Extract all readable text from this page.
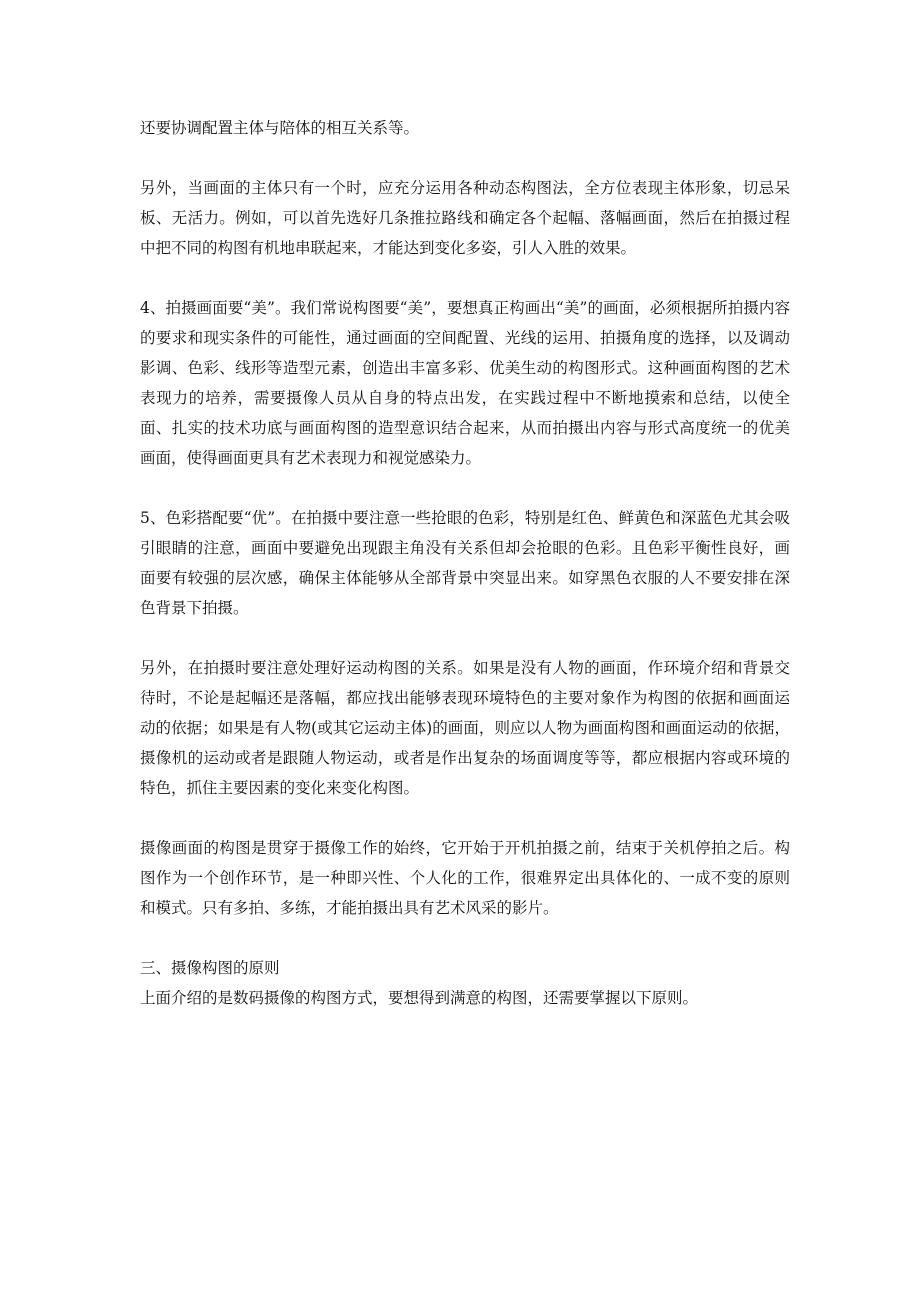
还要协调配置主体与陪体的相互关系等。

另外，当画面的主体只有一个时，应充分运用各种动态构图法，全方位表现主体形象，切忌呆板、无活力。例如，可以首先选好几条推拉路线和确定各个起幅、落幅画面，然后在拍摄过程中把不同的构图有机地串联起来，才能达到变化多姿，引人入胜的效果。

4、拍摄画面要“美”。我们常说构图要“美”，要想真正构画出“美”的画面，必须根据所拍摄内容的要求和现实条件的可能性，通过画面的空间配置、光线的运用、拍摄角度的选择，以及调动影调、色彩、线形等造型元素，创造出丰富多彩、优美生动的构图形式。这种画面构图的艺术表现力的培养，需要摄像人员从自身的特点出发，在实践过程中不断地摸索和总结，以使全面、扎实的技术功底与画面构图的造型意识结合起来，从而拍摄出内容与形式高度统一的优美画面，使得画面更具有艺术表现力和视觉感染力。

5、色彩搭配要“优”。在拍摄中要注意一些抢眼的色彩，特别是红色、鲜黄色和深蓝色尤其会吸引眼睛的注意，画面中要避免出现跟主角没有关系但却会抢眼的色彩。且色彩平衡性良好，画面要有较强的层次感，确保主体能够从全部背景中突显出来。如穿黑色衣服的人不要安排在深色背景下拍摄。

另外，在拍摄时要注意处理好运动构图的关系。如果是没有人物的画面，作环境介绍和背景交待时，不论是起幅还是落幅，都应找出能够表现环境特色的主要对象作为构图的依据和画面运动的依据；如果是有人物(或其它运动主体)的画面，则应以人物为画面构图和画面运动的依据，摄像机的运动或者是跟随人物运动，或者是作出复杂的场面调度等等，都应根据内容或环境的特色，抓住主要因素的变化来变化构图。

摄像画面的构图是贯穿于摄像工作的始终，它开始于开机拍摄之前，结束于关机停拍之后。构图作为一个创作环节，是一种即兴性、个人化的工作，很难界定出具体化的、一成不变的原则和模式。只有多拍、多练，才能拍摄出具有艺术风采的影片。

三、摄像构图的原则

上面介绍的是数码摄像的构图方式，要想得到满意的构图，还需要掌握以下原则。
